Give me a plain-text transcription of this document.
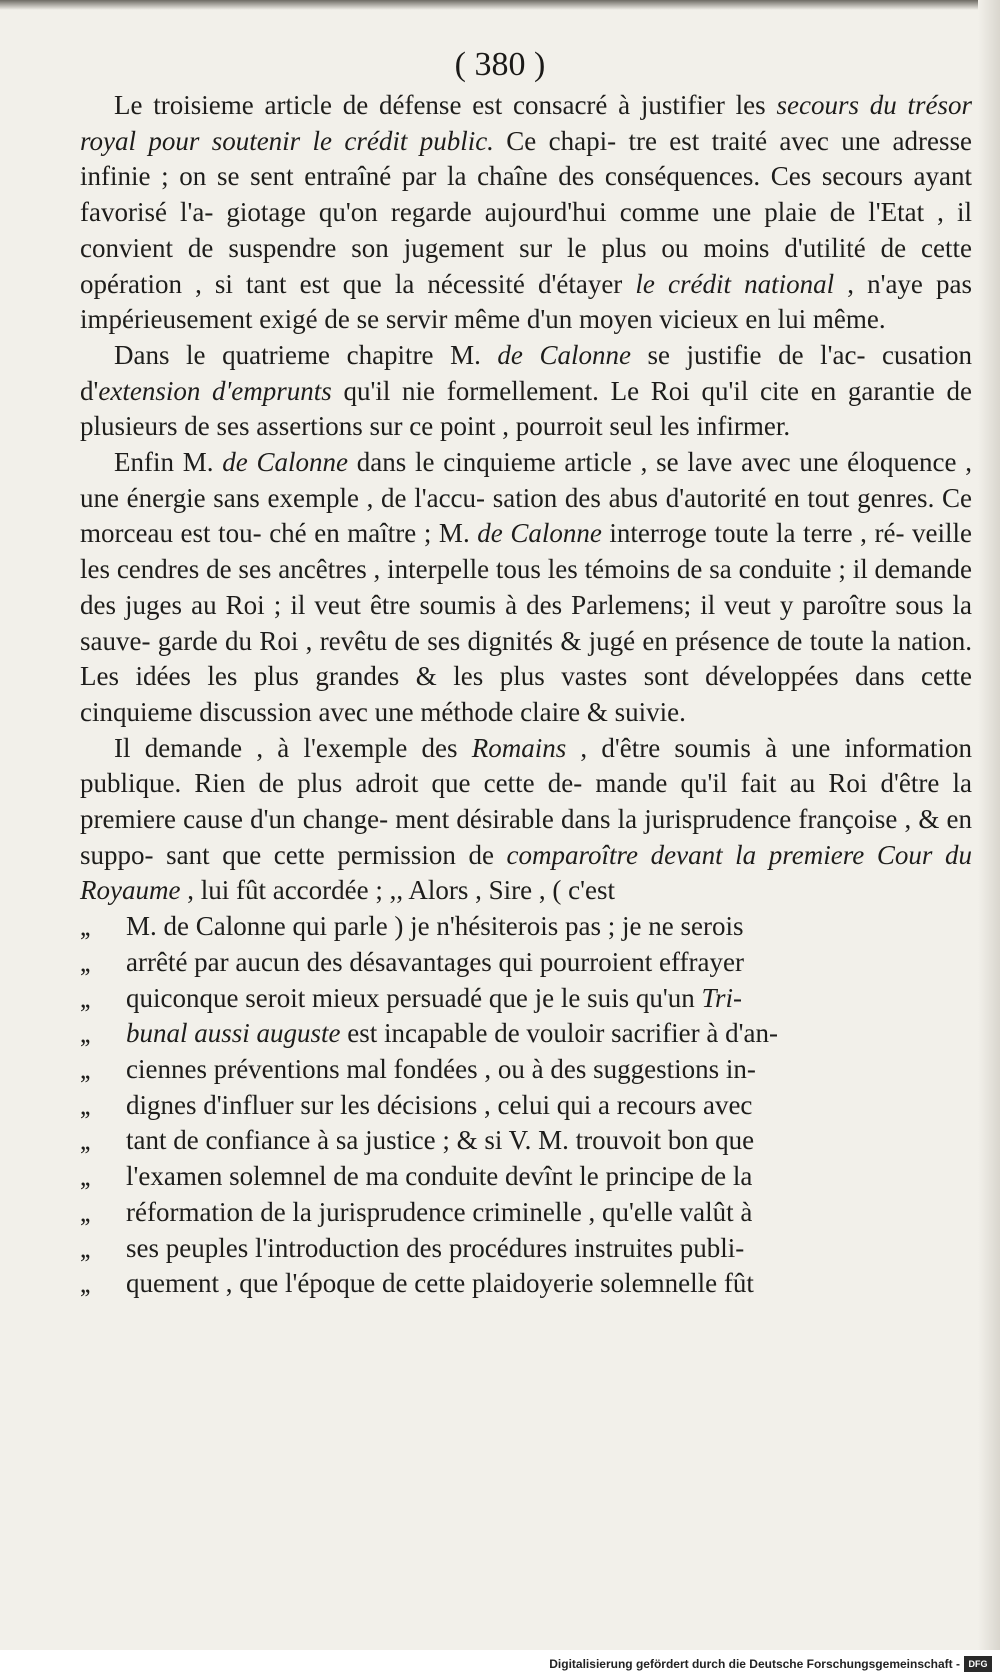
( 380 )

Le troisieme article de défense est consacré à justifier les secours du trésor royal pour soutenir le crédit public. Ce chapi- tre est traité avec une adresse infinie ; on se sent entraîné par la chaîne des conséquences. Ces secours ayant favorisé l'a- giotage qu'on regarde aujourd'hui comme une plaie de l'Etat , il convient de suspendre son jugement sur le plus ou moins d'utilité de cette opération , si tant est que la nécessité d'étayer le crédit national , n'aye pas impérieusement exigé de se servir même d'un moyen vicieux en lui même.

Dans le quatrieme chapitre M. de Calonne se justifie de l'ac- cusation d'extension d'emprunts qu'il nie formellement. Le Roi qu'il cite en garantie de plusieurs de ses assertions sur ce point , pourroit seul les infirmer.

Enfin M. de Calonne dans le cinquieme article , se lave avec une éloquence , une énergie sans exemple , de l'accu- sation des abus d'autorité en tout genres. Ce morceau est tou- ché en maître ; M. de Calonne interroge toute la terre , ré- veille les cendres de ses ancêtres , interpelle tous les témoins de sa conduite ; il demande des juges au Roi ; il veut être soumis à des Parlemens; il veut y paroître sous la sauve- garde du Roi , revêtu de ses dignités & jugé en présence de toute la nation. Les idées les plus grandes & les plus vastes sont développées dans cette cinquieme discussion avec une méthode claire & suivie.

Il demande , à l'exemple des Romains , d'être soumis à une information publique. Rien de plus adroit que cette de- mande qu'il fait au Roi d'être la premiere cause d'un change- ment désirable dans la jurisprudence françoise , & en suppo- sant que cette permission de comparoître devant la premiere Cour du Royaume , lui fût accordée ; ,, Alors , Sire , ( c'est

,, M. de Calonne qui parle ) je n'hésiterois pas ; je ne serois
,, arrêté par aucun des désavantages qui pourroient effrayer
,, quiconque seroit mieux persuadé que je le suis qu'un Tri-
,, bunal aussi auguste est incapable de vouloir sacrifier à d'an-
,, ciennes préventions mal fondées , ou à des suggestions in-
,, dignes d'influer sur les décisions , celui qui a recours avec
,, tant de confiance à sa justice ; & si V. M. trouvoit bon que
,, l'examen solemnel de ma conduite devînt le principe de la
,, réformation de la jurisprudence criminelle , qu'elle valût à
,, ses peuples l'introduction des procédures instruites publi-
,, quement , que l'époque de cette plaidoyerie solemnelle fût
Digitalisierung gefördert durch die Deutsche Forschungsgemeinschaft - DFG
